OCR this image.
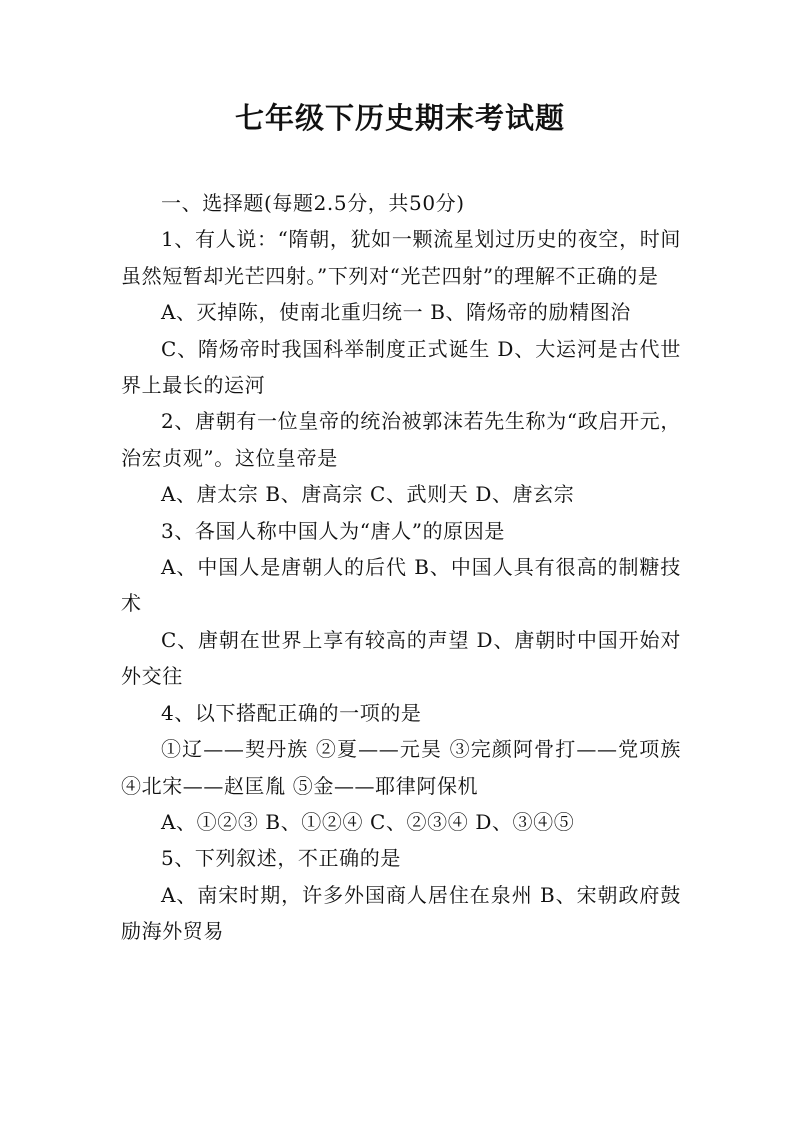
七年级下历史期末考试题

一、选择题(每题2.5分，共50分)

1、有人说：“隋朝，犹如一颗流星划过历史的夜空，时间虽然短暂却光芒四射。”下列对“光芒四射”的理解不正确的是

A、灭掉陈，使南北重归统一 B、隋炀帝的励精图治

C、隋炀帝时我国科举制度正式诞生 D、大运河是古代世界上最长的运河

2、唐朝有一位皇帝的统治被郭沫若先生称为“政启开元，治宏贞观”。这位皇帝是

A、唐太宗 B、唐高宗 C、武则天 D、唐玄宗

3、各国人称中国人为“唐人”的原因是

A、中国人是唐朝人的后代 B、中国人具有很高的制糖技术

C、唐朝在世界上享有较高的声望 D、唐朝时中国开始对外交往

4、以下搭配正确的一项的是

①辽——契丹族 ②夏——元昊 ③完颜阿骨打——党项族 ④北宋——赵匡胤 ⑤金——耶律阿保机

A、①②③ B、①②④ C、②③④ D、③④⑤

5、下列叙述，不正确的是

A、南宋时期，许多外国商人居住在泉州 B、宋朝政府鼓励海外贸易
